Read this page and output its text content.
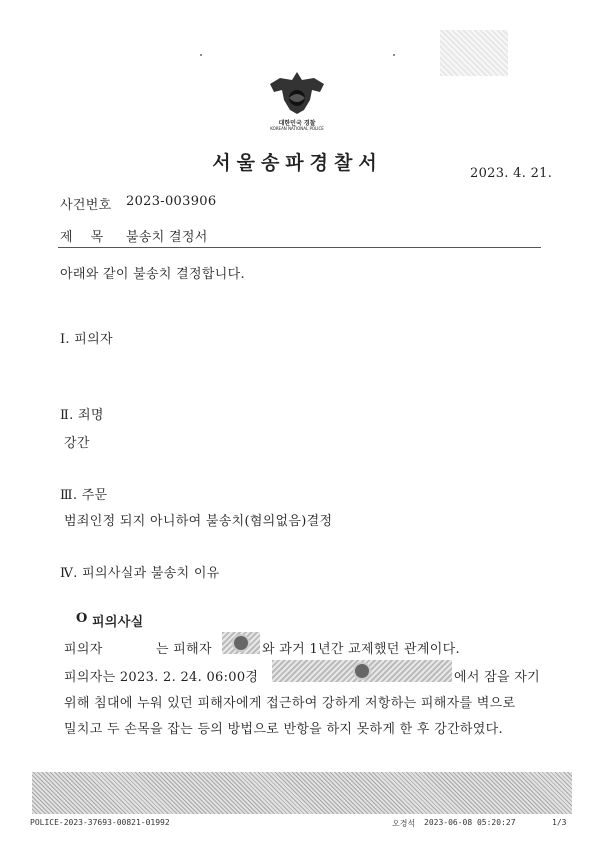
대한민국 경찰
KOREAN NATIONAL POLICE
서울송파경찰서	2023. 4. 21.
사건번호 2023-003906
제    목 불송치 결정서
아래와 같이 불송치 결정합니다.
Ⅰ. 피의자
Ⅱ. 죄명
강간
Ⅲ. 주문
범죄인정 되지 아니하여 불송치(혐의없음)결정
Ⅳ. 피의사실과 불송치 이유
O 피의사실
피의자	는 피해자	와 과거 1년간 교제했던 관계이다.
피의자는 2023. 2. 24. 06:00경	에서 잠을 자기
위해 침대에 누워 있던 피해자에게 접근하여 강하게 저항하는 피해자를 벽으로
밀치고 두 손목을 잡는 등의 방법으로 반항을 하지 못하게 한 후 강간하였다.
POLICE-2023-37693-00821-01992	오경석 2023-06-08 05:20:27	1/3
